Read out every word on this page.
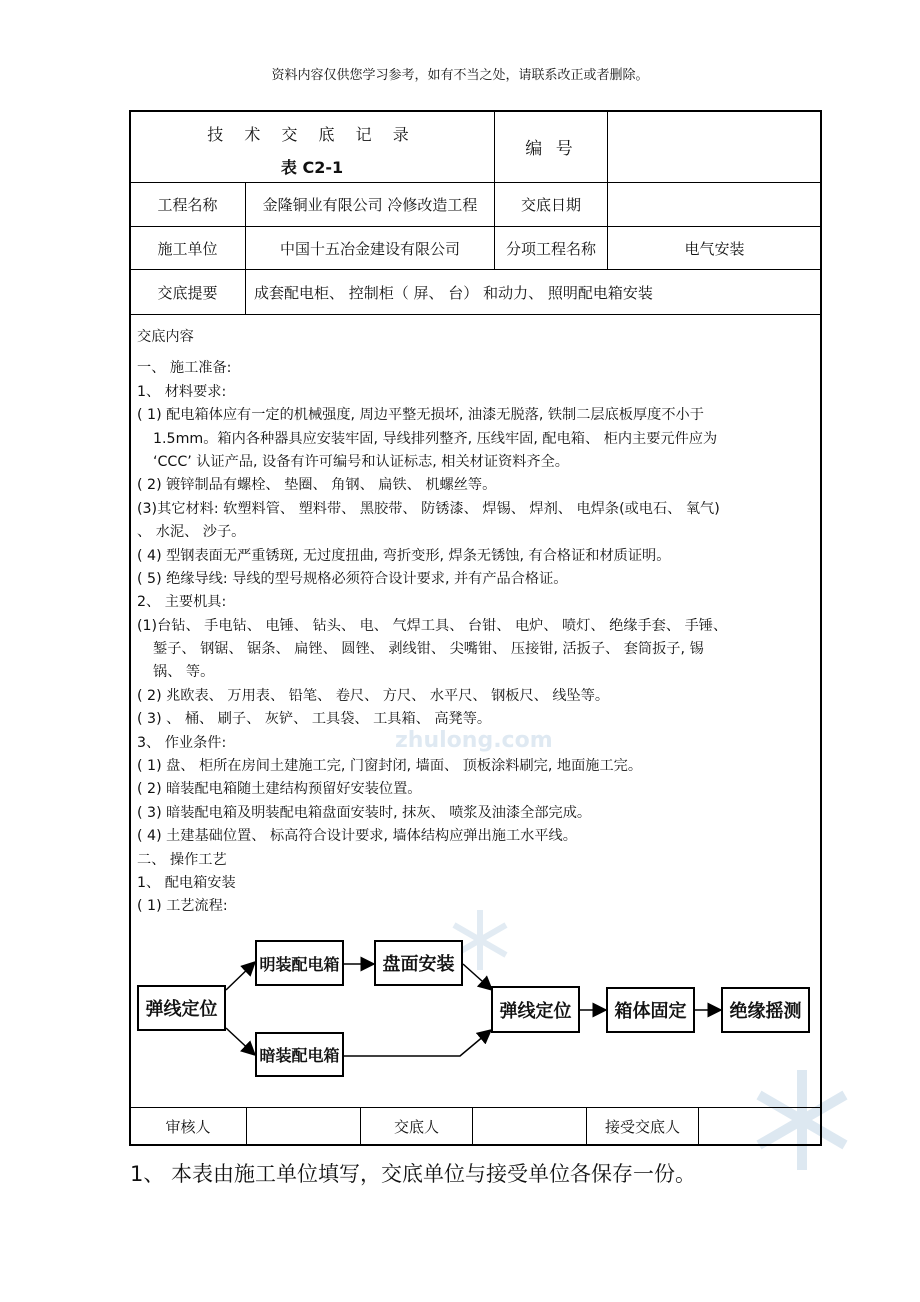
资料内容仅供您学习参考，如有不当之处，请联系改正或者删除。
zhulong.com
技 术 交 底 记 录
表 C2-1
编 号
工程名称	金隆铜业有限公司 冷修改造工程	交底日期
施工单位	中国十五冶金建设有限公司	分项工程名称	电气安装
交底提要	成套配电柜、 控制柜（ 屏、 台） 和动力、 照明配电箱安装
交底内容
一、 施工准备:
1、 材料要求:
( 1) 配电箱体应有一定的机械强度, 周边平整无损坏, 油漆无脱落, 铁制二层底板厚度不小于
1.5mm。箱内各种器具应安装牢固, 导线排列整齐, 压线牢固, 配电箱、 柜内主要元件应为
‘CCC’ 认证产品, 设备有许可编号和认证标志, 相关材证资料齐全。
( 2) 镀锌制品有螺栓、 垫圈、 角钢、 扁铁、 机螺丝等。
(3)其它材料: 软塑料管、 塑料带、 黑胶带、 防锈漆、 焊锡、 焊剂、 电焊条(或电石、 氧气)
、 水泥、 沙子。
( 4) 型钢表面无严重锈斑, 无过度扭曲, 弯折变形, 焊条无锈蚀, 有合格证和材质证明。
( 5) 绝缘导线: 导线的型号规格必须符合设计要求, 并有产品合格证。
2、 主要机具:
(1)台钻、 手电钻、 电锤、 钻头、 电、 气焊工具、 台钳、 电炉、 喷灯、 绝缘手套、 手锤、
錾子、 钢锯、 锯条、 扁锉、 圆锉、 剥线钳、 尖嘴钳、 压接钳, 活扳子、 套筒扳子, 锡
锅、 等。
( 2) 兆欧表、 万用表、 铅笔、 卷尺、 方尺、 水平尺、 钢板尺、 线坠等。
( 3) 、 桶、 刷子、 灰铲、 工具袋、 工具箱、 高凳等。
3、 作业条件:
( 1) 盘、 柜所在房间土建施工完, 门窗封闭, 墙面、 顶板涂料刷完, 地面施工完。
( 2) 暗装配电箱随土建结构预留好安装位置。
( 3) 暗装配电箱及明装配电箱盘面安装时, 抹灰、 喷浆及油漆全部完成。
( 4) 土建基础位置、 标高符合设计要求, 墙体结构应弹出施工水平线。
二、 操作工艺
1、 配电箱安装
( 1) 工艺流程:
弹线定位
明装配电箱
暗装配电箱
盘面安装
弹线定位	箱体固定	绝缘摇测
审核人	交底人	接受交底人
1、 本表由施工单位填写，交底单位与接受单位各保存一份。
